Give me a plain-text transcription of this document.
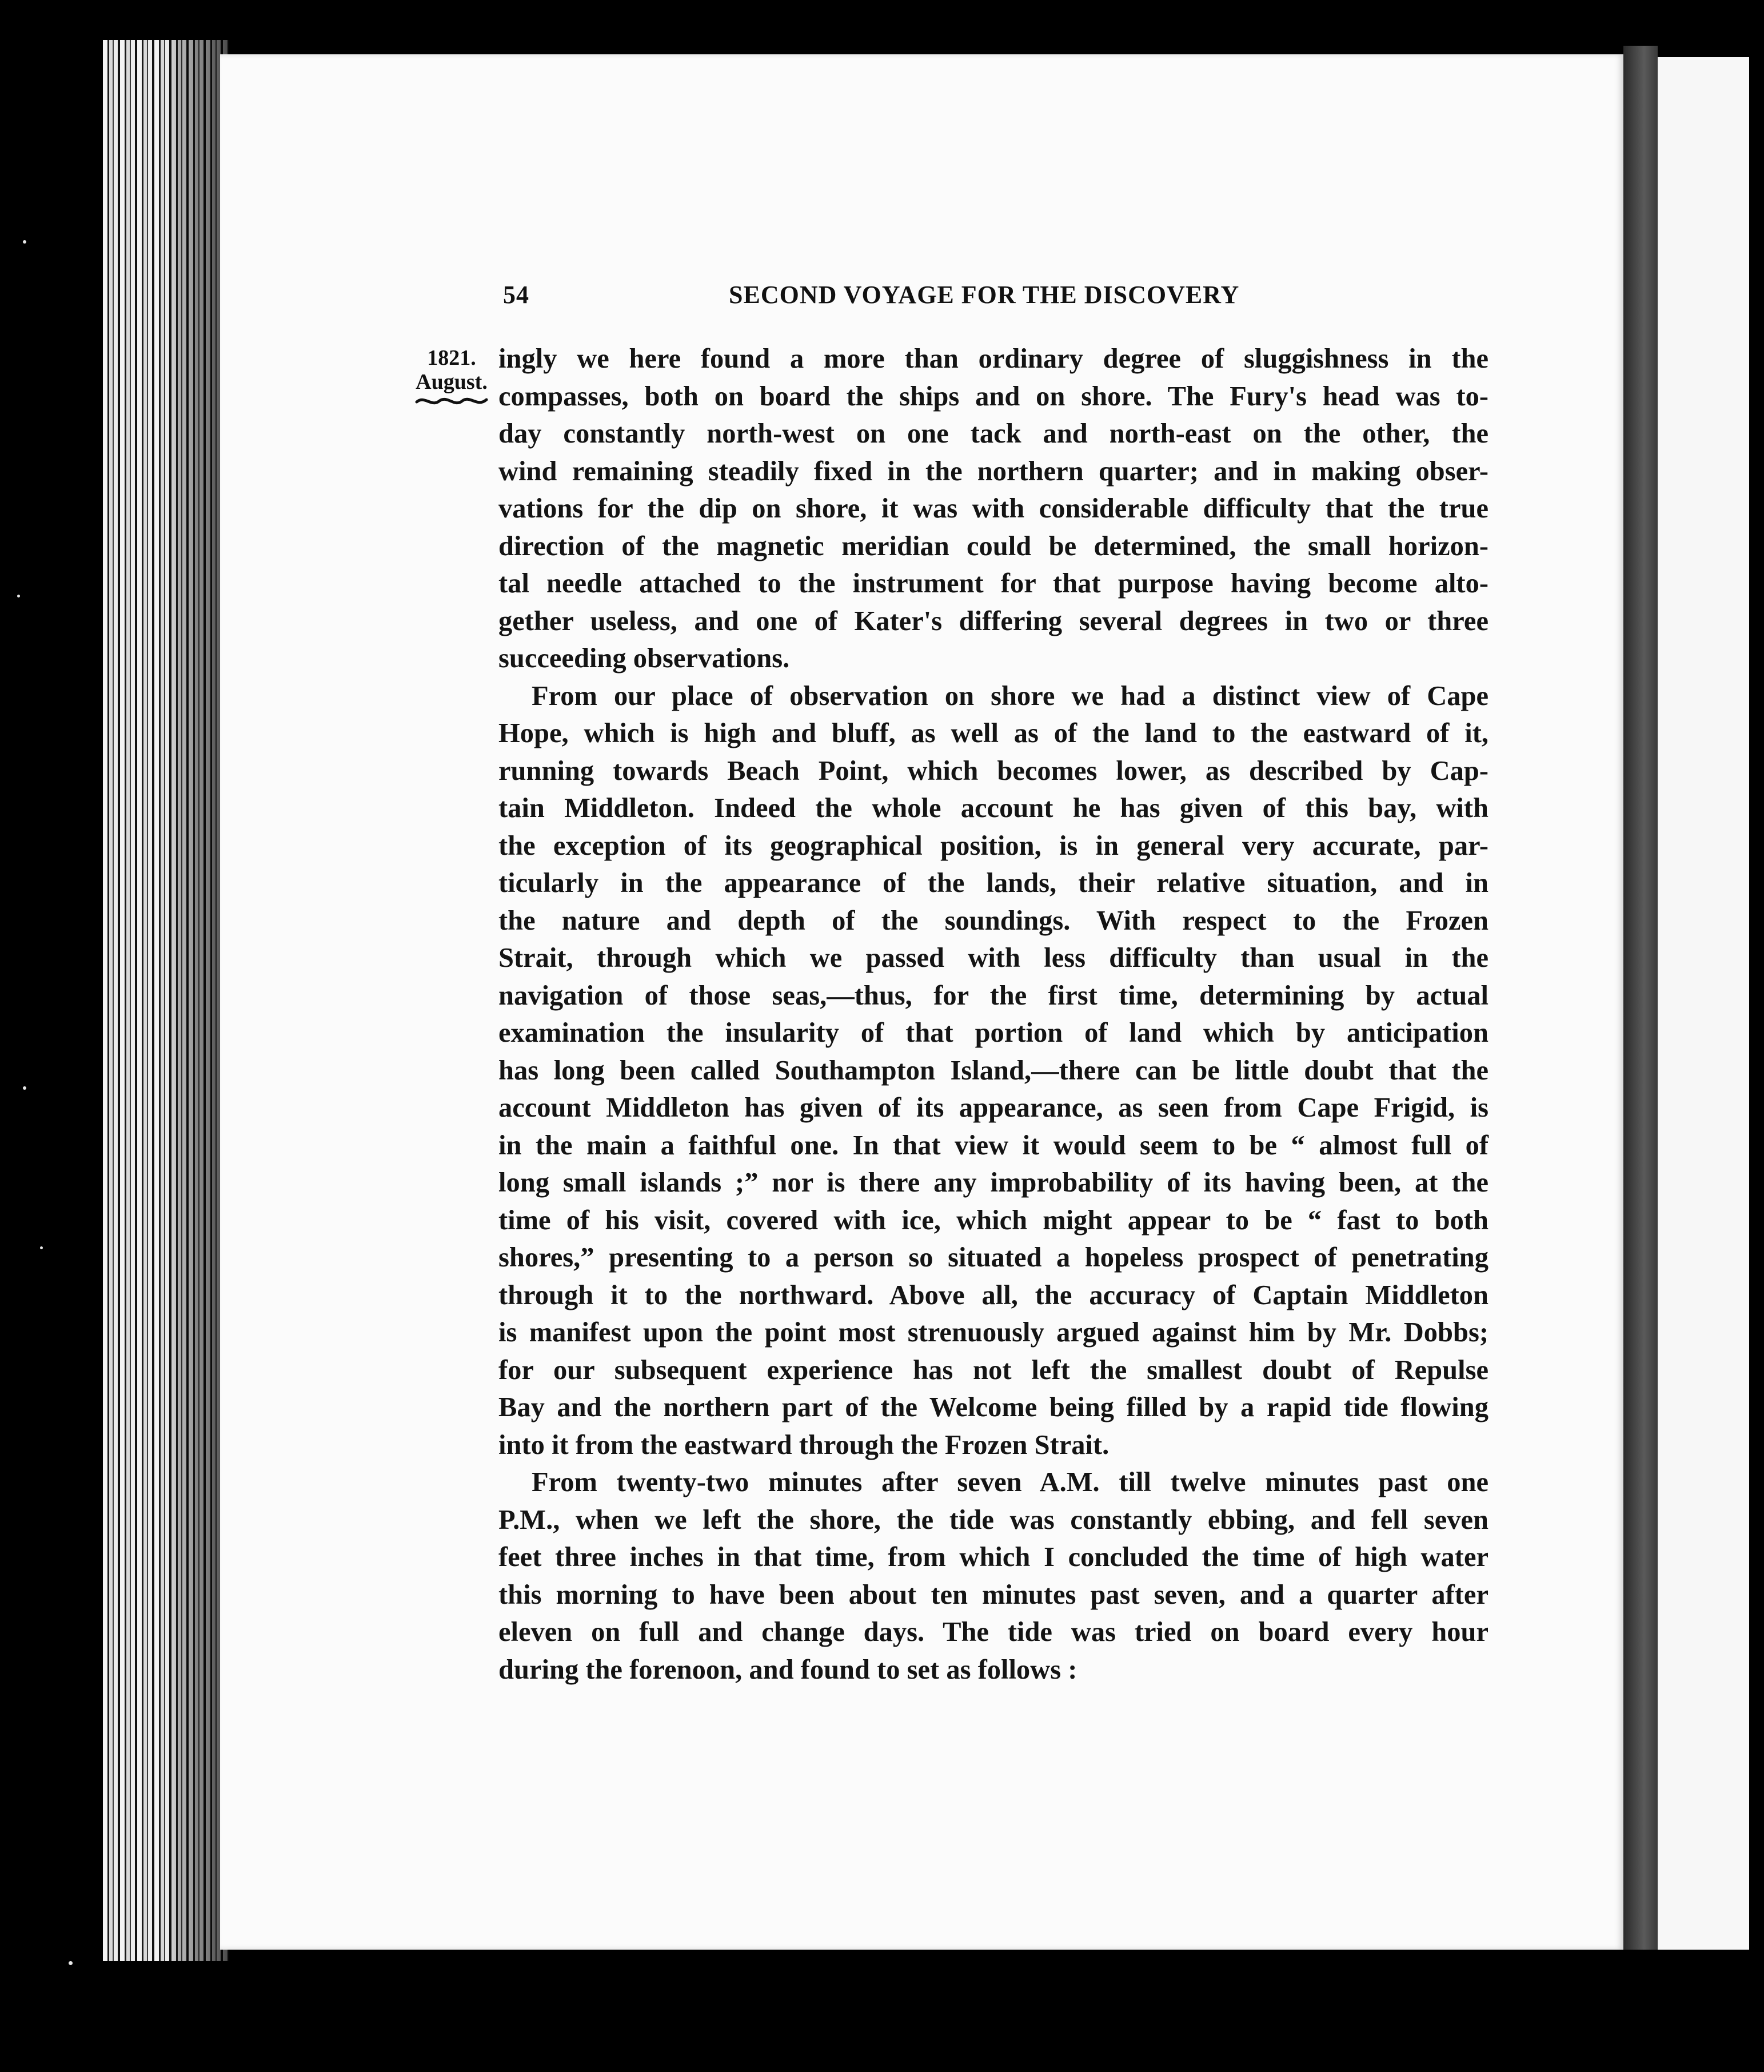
54	SECOND VOYAGE FOR THE DISCOVERY
1821.
August.

ingly we here found a more than ordinary degree of sluggishness in the
compasses, both on board the ships and on shore. The Fury's head was to-
day constantly north-west on one tack and north-east on the other, the
wind remaining steadily fixed in the northern quarter; and in making obser-
vations for the dip on shore, it was with considerable difficulty that the true
direction of the magnetic meridian could be determined, the small horizon-
tal needle attached to the instrument for that purpose having become alto-
gether useless, and one of Kater's differing several degrees in two or three
succeeding observations.

From our place of observation on shore we had a distinct view of Cape
Hope, which is high and bluff, as well as of the land to the eastward of it,
running towards Beach Point, which becomes lower, as described by Cap-
tain Middleton. Indeed the whole account he has given of this bay, with
the exception of its geographical position, is in general very accurate, par-
ticularly in the appearance of the lands, their relative situation, and in
the nature and depth of the soundings. With respect to the Frozen
Strait, through which we passed with less difficulty than usual in the
navigation of those seas,—thus, for the first time, determining by actual
examination the insularity of that portion of land which by anticipation
has long been called Southampton Island,—there can be little doubt that the
account Middleton has given of its appearance, as seen from Cape Frigid, is
in the main a faithful one. In that view it would seem to be “ almost full of
long small islands ;” nor is there any improbability of its having been, at the
time of his visit, covered with ice, which might appear to be “ fast to both
shores,” presenting to a person so situated a hopeless prospect of penetrating
through it to the northward. Above all, the accuracy of Captain Middleton
is manifest upon the point most strenuously argued against him by Mr. Dobbs;
for our subsequent experience has not left the smallest doubt of Repulse
Bay and the northern part of the Welcome being filled by a rapid tide flowing
into it from the eastward through the Frozen Strait.

From twenty-two minutes after seven A.M. till twelve minutes past one
P.M., when we left the shore, the tide was constantly ebbing, and fell seven
feet three inches in that time, from which I concluded the time of high water
this morning to have been about ten minutes past seven, and a quarter after
eleven on full and change days. The tide was tried on board every hour
during the forenoon, and found to set as follows :
